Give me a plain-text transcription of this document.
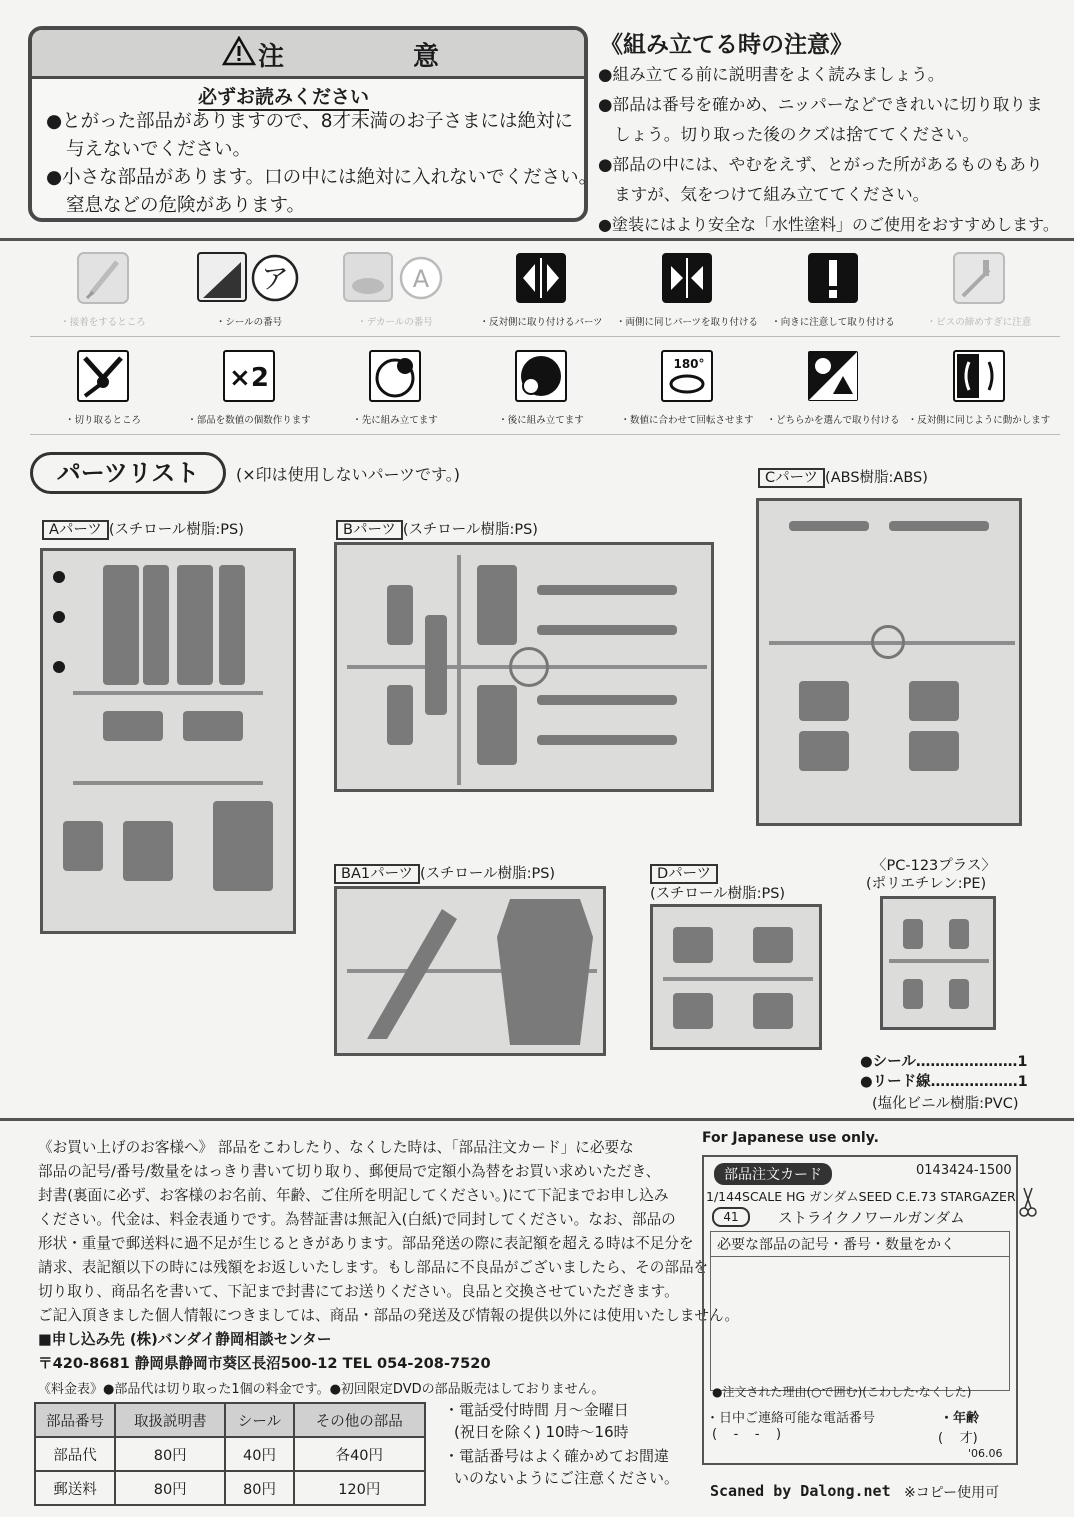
注 意
必ずお読みください
●とがった部品がありますので、8才未満のお子さまには絶対に
与えないでください。
●小さな部品があります。口の中には絶対に入れないでください。
窒息などの危険があります。
《組み立てる時の注意》
●組み立てる前に説明書をよく読みましょう。
●部品は番号を確かめ、ニッパーなどできれいに切り取りま
しょう。切り取った後のクズは捨ててください。
●部品の中には、やむをえず、とがった所があるものもあり
ますが、気をつけて組み立ててください。
●塗装にはより安全な「水性塗料」のご使用をおすすめします。
・接着をするところ
ア
・シールの番号
A
・デカールの番号	・反対側に取り付けるパーツ	・両側に同じパーツを取り付ける	・向きに注意して取り付ける	・ビスの締めすぎに注意
・切り取るところ
×2
・部品を数値の個数作ります	・先に組み立てます	・後に組み立てます
180°
・数値に合わせて回転させます	・どちらかを選んで取り付ける ・反対側に同じように動かします
パーツリスト	(×印は使用しないパーツです。)
Aパーツ (スチロール樹脂:PS)	Bパーツ (スチロール樹脂:PS)
Cパーツ (ABS樹脂:ABS)
BA1パーツ (スチロール樹脂:PS)	Dパーツ
(スチロール樹脂:PS)
〈PC-123プラス〉
(ポリエチレン:PE)
●シール…………………1
●リード線………………1
(塩化ビニル樹脂:PVC)
《お買い上げのお客様へ》 部品をこわしたり、なくした時は、「部品注文カード」に必要な
部品の記号/番号/数量をはっきり書いて切り取り、郵便局で定額小為替をお買い求めいただき、
封書(裏面に必ず、お客様のお名前、年齢、ご住所を明記してください。)にて下記までお申し込み
ください。代金は、料金表通りです。為替証書は無記入(白紙)で同封してください。なお、部品の
形状・重量で郵送料に過不足が生じるときがあります。部品発送の際に表記額を超える時は不足分を
請求、表記額以下の時には残額をお返しいたします。もし部品に不良品がございましたら、その部品を
切り取り、商品名を書いて、下記まで封書にてお送りください。良品と交換させていただきます。
ご記入頂きました個人情報につきましては、商品・部品の発送及び情報の提供以外には使用いたしません。
■申し込み先 (株)バンダイ静岡相談センター
〒420-8681 静岡県静岡市葵区長沼500-12 TEL 054-208-7520
《料金表》●部品代は切り取った1個の料金です。●初回限定DVDの部品販売はしておりません。
部品番号	取扱説明書	シール	その他の部品
部品代	80円	40円	各40円
郵送料	80円	80円	120円
・電話受付時間 月〜金曜日
(祝日を除く) 10時〜16時
・電話番号はよく確かめてお間違
いのないようにご注意ください。
For Japanese use only.
部品注文カード	0143424-1500
1/144SCALE HG ガンダムSEED C.E.73 STARGAZER
41	ストライクノワールガンダム
必要な部品の記号・番号・数量をかく
●注文された理由(○で囲む)(こわした·なくした)
・日中ご連絡可能な電話番号	・年齢
(    -    -    )	(    才)
'06.06
Scaned by Dalong.net ※コピー使用可
